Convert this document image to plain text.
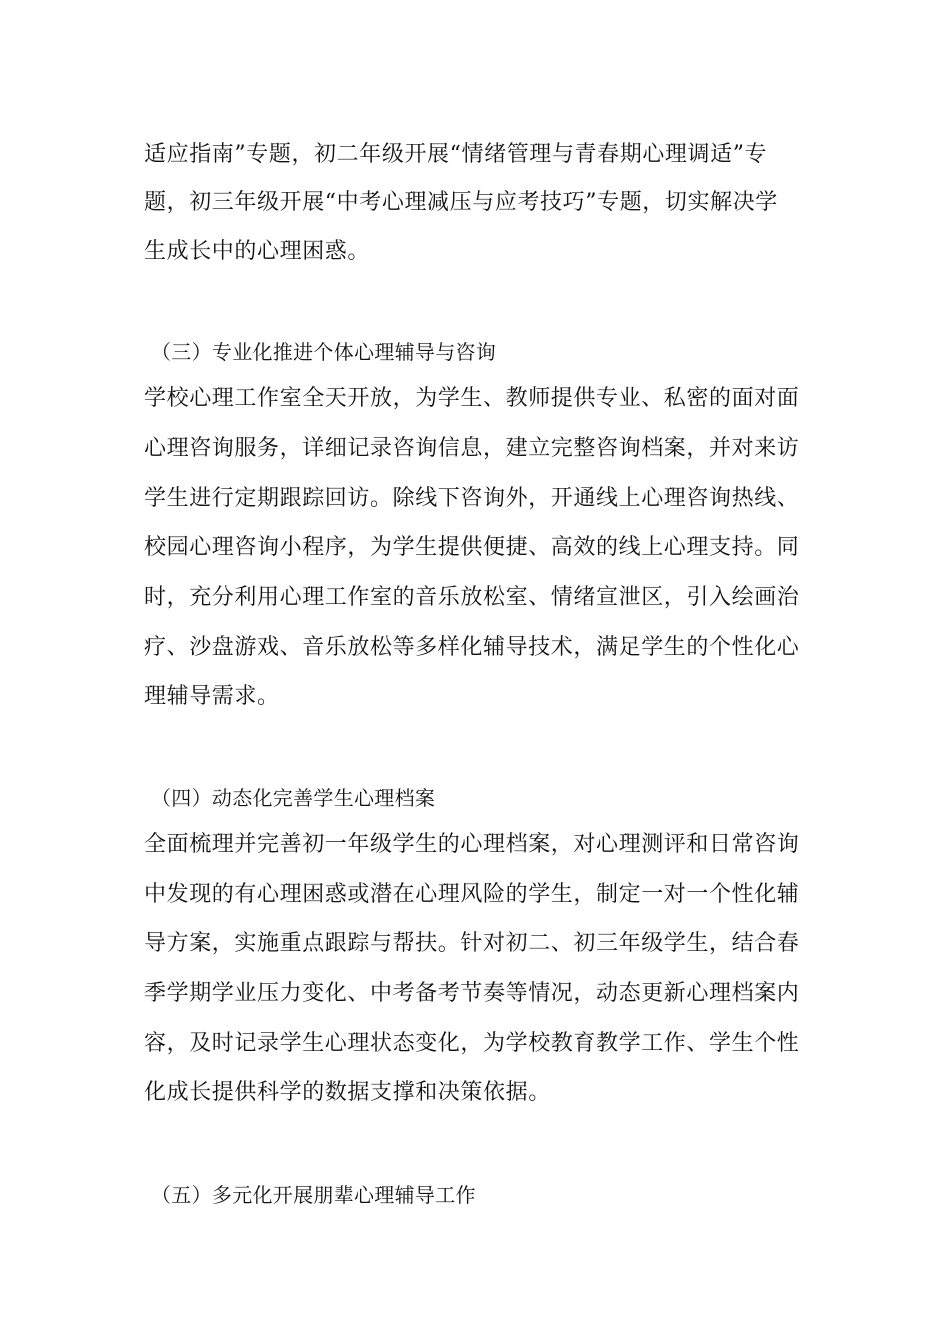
适应指南”专题，初二年级开展“情绪管理与青春期心理调适”专
题，初三年级开展“中考心理减压与应考技巧”专题，切实解决学
生成长中的心理困惑。
（三）专业化推进个体心理辅导与咨询
学校心理工作室全天开放，为学生、教师提供专业、私密的面对面
心理咨询服务，详细记录咨询信息，建立完整咨询档案，并对来访
学生进行定期跟踪回访。除线下咨询外，开通线上心理咨询热线、
校园心理咨询小程序，为学生提供便捷、高效的线上心理支持。同
时，充分利用心理工作室的音乐放松室、情绪宣泄区，引入绘画治
疗、沙盘游戏、音乐放松等多样化辅导技术，满足学生的个性化心
理辅导需求。
（四）动态化完善学生心理档案
全面梳理并完善初一年级学生的心理档案，对心理测评和日常咨询
中发现的有心理困惑或潜在心理风险的学生，制定一对一个性化辅
导方案，实施重点跟踪与帮扶。针对初二、初三年级学生，结合春
季学期学业压力变化、中考备考节奏等情况，动态更新心理档案内
容，及时记录学生心理状态变化，为学校教育教学工作、学生个性
化成长提供科学的数据支撑和决策依据。
（五）多元化开展朋辈心理辅导工作
